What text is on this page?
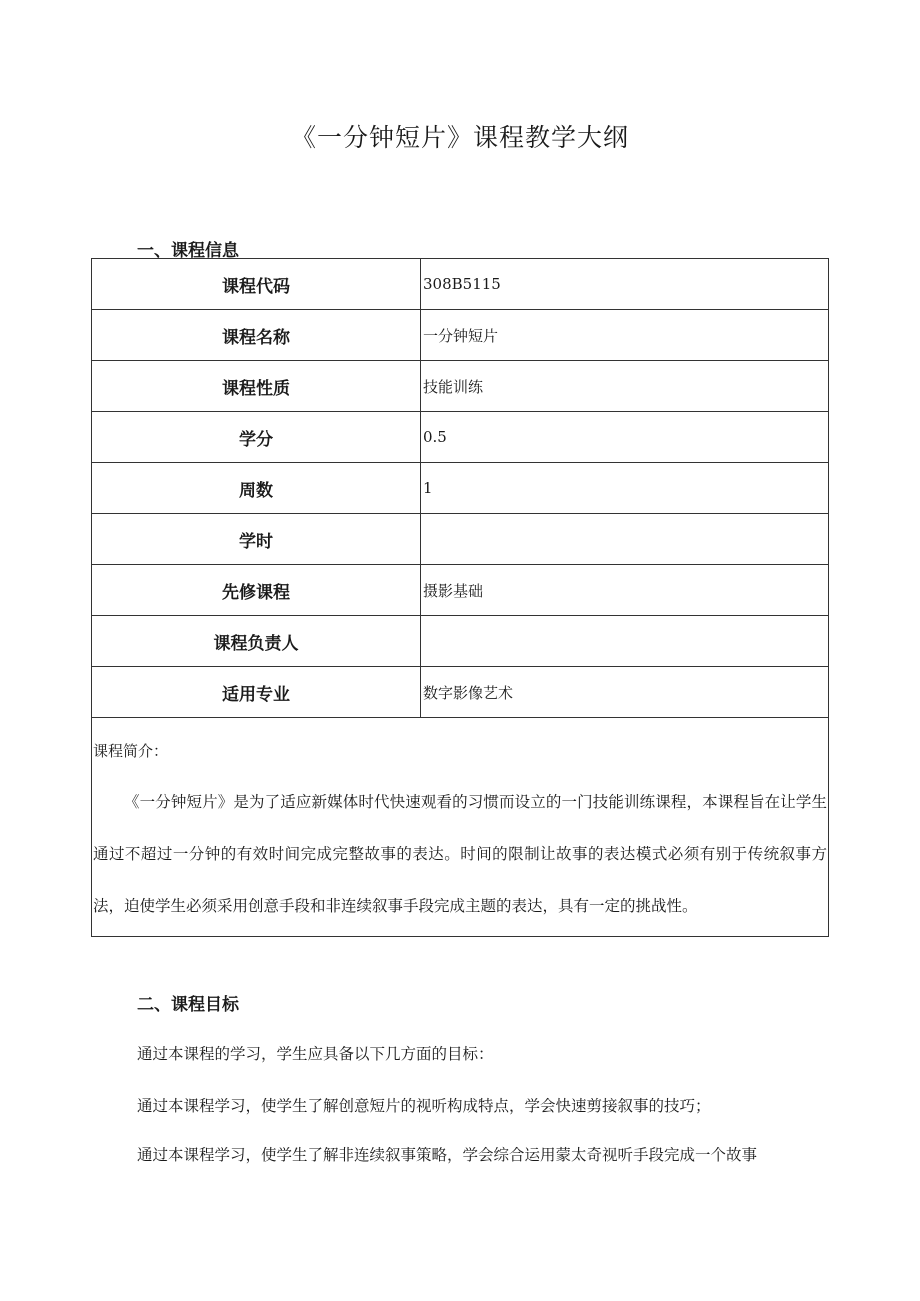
《一分钟短片》课程教学大纲
一、课程信息
课程代码	308B5115
课程名称	一分钟短片
课程性质	技能训练
学分	0.5
周数	1
学时	
先修课程	摄影基础
课程负责人	
适用专业	数字影像艺术

课程简介：

《一分钟短片》是为了适应新媒体时代快速观看的习惯而设立的一门技能训练课程，本课程旨在让学生通过不超过一分钟的有效时间完成完整故事的表达。时间的限制让故事的表达模式必须有别于传统叙事方法，迫使学生必须采用创意手段和非连续叙事手段完成主题的表达，具有一定的挑战性。	

二、课程目标

通过本课程的学习，学生应具备以下几方面的目标：

通过本课程学习，使学生了解创意短片的视听构成特点，学会快速剪接叙事的技巧；

通过本课程学习，使学生了解非连续叙事策略，学会综合运用蒙太奇视听手段完成一个故事
